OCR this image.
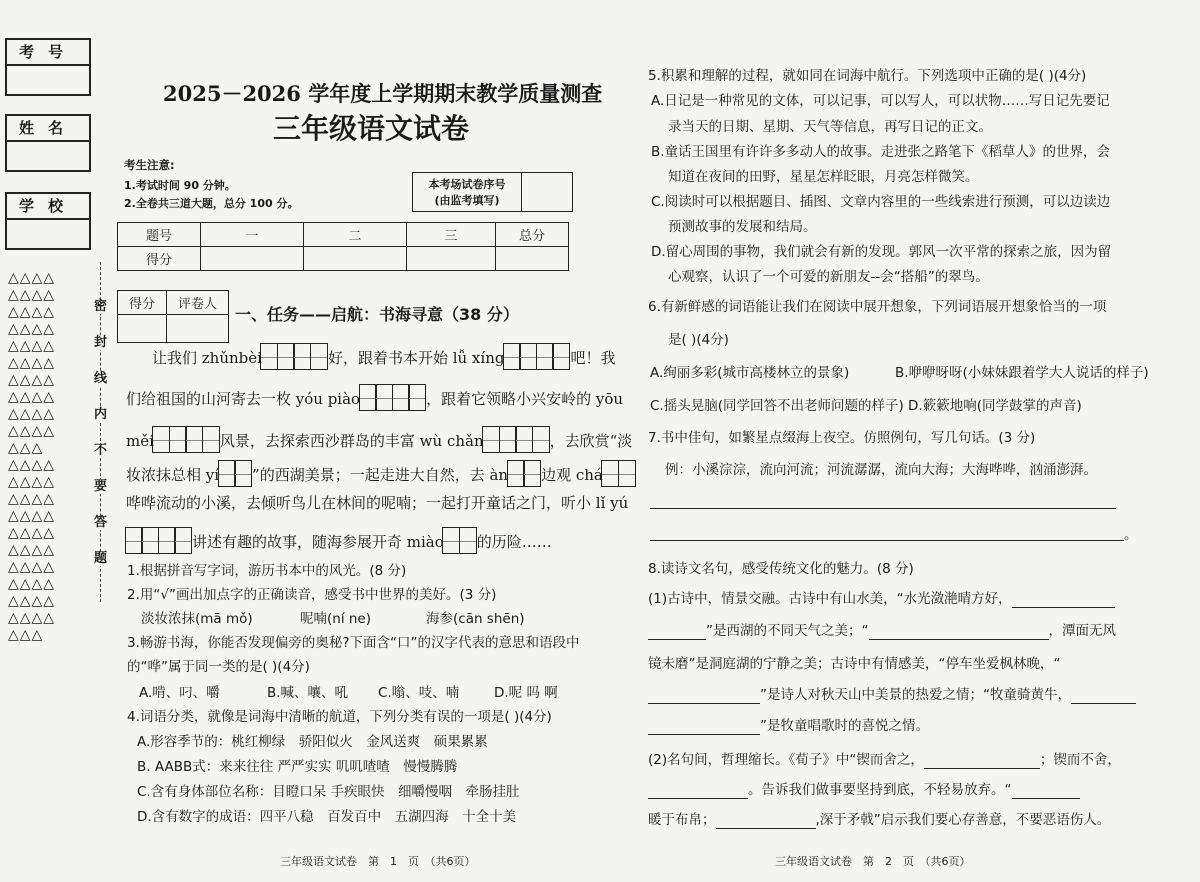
考号
姓名
学校
△△△△
△△△△
△△△△
△△△△
△△△△
△△△△
△△△△
△△△△
△△△△
△△△△
△△△
△△△△
△△△△
△△△△
△△△△
△△△△
△△△△
△△△△
△△△△
△△△△
△△△△
△△△
密
封
线
内
不
要
答
题
2025－2026 学年度上学期期末教学质量测查
三年级语文试卷
考生注意:
1.考试时间 90 分钟。
2.全卷共三道大题，总分 100 分。
本考场试卷序号
(由监考填写)
题号	一	二	三	总分
得分				
得分	评卷人

一、任务——启航：书海寻意（38 分）
让我们 zhǔnbèi	好，跟着书本开始 lǚ xíng	吧！我
们给祖国的山河寄去一枚 yóu piào	，跟着它领略小兴安岭的 yōu
měi	风景，去探索西沙群岛的丰富 wù chǎn	，去欣赏“淡
妆浓抹总相 yí ”的西湖美景；一起走进大自然，去 àn 边观 chá
哗哗流动的小溪，去倾听鸟儿在林间的呢喃；一起打开童话之门，听小 lǐ yú
讲述有趣的故事，随海参展开奇 miào 的历险……
1.根据拼音写字词，游历书本中的风光。(8 分)
2.用“√”画出加点字的正确读音，感受书中世界的美好。(3 分)
淡妆浓抹(mā mǒ)	呢喃(ní ne)	海参(cān shēn)
3.畅游书海，你能否发现偏旁的奥秘?下面含“口”的汉字代表的意思和语段中
的“哗”属于同一类的是( )(4分)
A.啃、叼、嚼	B.喊、嚷、吼 C.嗡、吱、喃	D.呢 吗 啊
4.词语分类，就像是词海中清晰的航道，下列分类有误的一项是( )(4分)
A.形容季节的：桃红柳绿　骄阳似火　金风送爽　硕果累累
B. AABB式：来来往往 严严实实 叽叽喳喳　慢慢腾腾
C.含有身体部位名称：目瞪口呆 手疾眼快　细嚼慢咽　牵肠挂肚
D.含有数字的成语：四平八稳　百发百中　五湖四海　十全十美
三年级语文试卷　第　1　页　（共6页）
5.积累和理解的过程，就如同在词海中航行。下列选项中正确的是( )(4分)
A.日记是一种常见的文体，可以记事，可以写人，可以状物……写日记先要记
录当天的日期、星期、天气等信息，再写日记的正文。
B.童话王国里有许许多多动人的故事。走进张之路笔下《稻草人》的世界，会
知道在夜间的田野，星星怎样眨眼，月亮怎样微笑。
C.阅读时可以根据题目、插图、文章内容里的一些线索进行预测，可以边读边
预测故事的发展和结局。
D.留心周围的事物，我们就会有新的发现。郭风一次平常的探索之旅，因为留
心观察，认识了一个可爱的新朋友--会“搭船”的翠鸟。
6.有新鲜感的词语能让我们在阅读中展开想象，下列词语展开想象恰当的一项
是( )(4分)
A.绚丽多彩(城市高楼林立的景象)	B.咿咿呀呀(小妹妹跟着学大人说话的样子)
C.摇头晃脑(同学回答不出老师问题的样子) D.簌簌地响(同学鼓掌的声音)
7.书中佳句，如繁星点缀海上夜空。仿照例句，写几句话。(3 分)
例：小溪淙淙，流向河流；河流潺潺，流向大海；大海哗哗，汹涌澎湃。
。
8.读诗文名句，感受传统文化的魅力。(8 分)
(1)古诗中，情景交融。古诗中有山水美，“水光潋滟晴方好，
”是西湖的不同天气之美；“	，潭面无风
镜未磨”是洞庭湖的宁静之美；古诗中有情感美，“停车坐爱枫林晚，“
”是诗人对秋天山中美景的热爱之情；“牧童骑黄牛，
”是牧童唱歌时的喜悦之情。
(2)名句间，哲理缩长。《荀子》中“锲而舍之，	；锲而不舍，
。告诉我们做事要坚持到底，不轻易放弃。“
暖于布帛；	,深于矛戟”启示我们要心存善意，不要恶语伤人。
三年级语文试卷　第　2　页　（共6页）
